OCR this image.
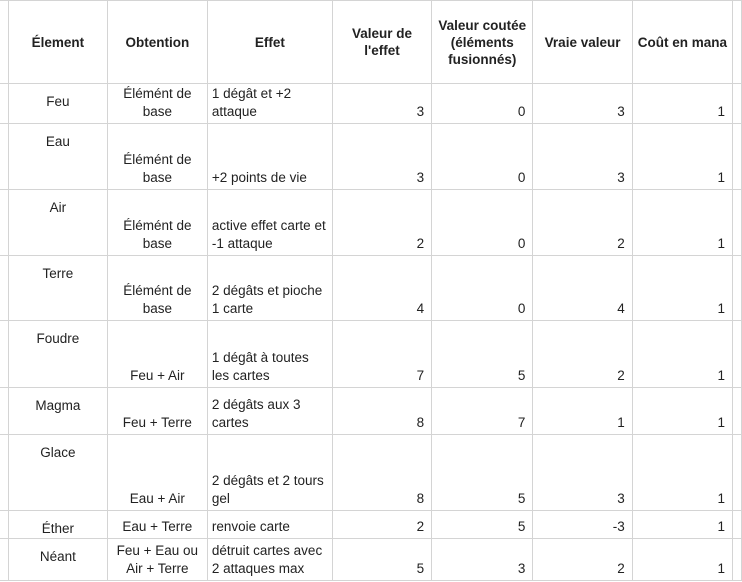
	Élement	Obtention	Effet	Valeur de l'effet	Valeur coutée (éléments fusionnés)	Vraie valeur	Coût en mana	
	Feu	Élémént de base	1 dégât et +2 attaque	3	0	3	1	
	Eau	Élémént de base	+2 points de vie	3	0	3	1	
	Air	Élémént de base	active effet carte et -1 attaque	2	0	2	1	
	Terre	Élémént de base	2 dégâts et pioche 1 carte	4	0	4	1	
	Foudre	Feu + Air	1 dégât à toutes les cartes	7	5	2	1	
	Magma	Feu + Terre	2 dégâts aux 3 cartes	8	7	1	1	
	Glace	Eau + Air	2 dégâts et 2 tours gel	8	5	3	1	
	Éther	Eau + Terre	renvoie carte	2	5	-3	1	
	Néant	Feu + Eau ou Air + Terre	détruit cartes avec 2 attaques max	5	3	2	1	
